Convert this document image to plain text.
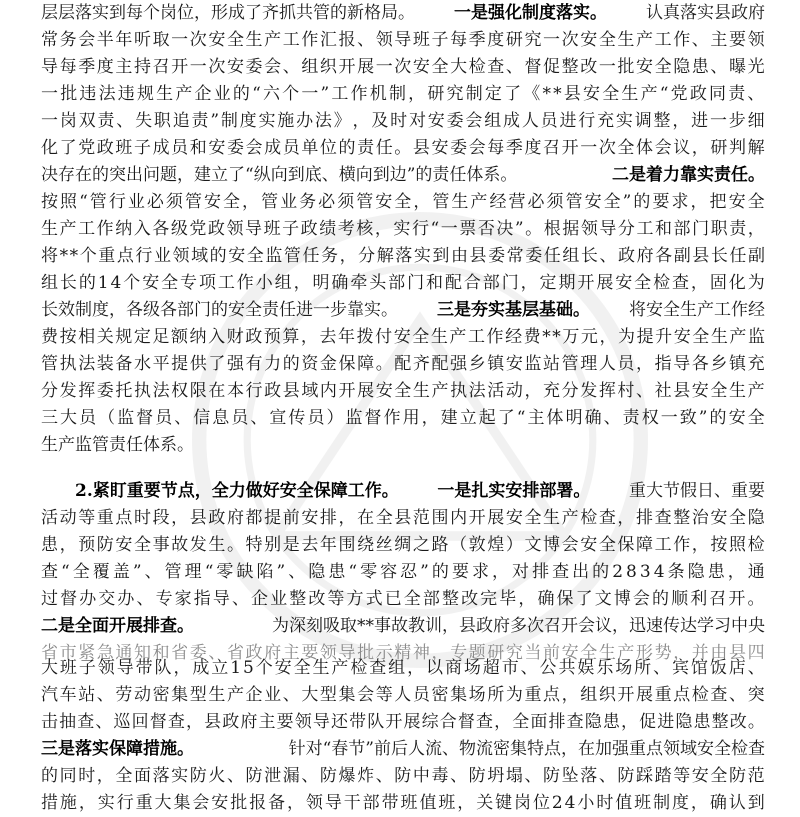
层层落实到每个岗位，形成了齐抓共管的新格局。 一是强化制度落实。 认真落实县政府
常 务 会 半 年 听 取 一 次 安 全 生 产 工 作 汇 报 、 领 导 班 子 每 季 度 研 究 一 次 安 全 生 产 工 作 、 主 要 领
导 每 季 度 主 持 召 开 一 次 安 委 会 、 组 织 开 展 一 次 安 全 大 检 查 、 督 促 整 改 一 批 安 全 隐 患 、 曝 光
一 批 违 法 违 规 生 产 企 业 的 “ 六 个 一 ” 工 作 机 制 ， 研 究 制 定 了 《 * * 县 安 全 生 产 “ 党 政 同 责 、
一 岗 双 责 、 失 职 追 责 ” 制 度 实 施 办 法 》 ， 及 时 对 安 委 会 组 成 人 员 进 行 充 实 调 整 ， 进 一 步 细
化 了 党 政 班 子 成 员 和 安 委 会 成 员 单 位 的 责 任 。 县 安 委 会 每 季 度 召 开 一 次 全 体 会 议 ， 研 判 解
决存在的突出问题，建立了“纵向到底、横向到边”的责任体系。	二是着力靠实责任。
按 照 “ 管 行 业 必 须 管 安 全 ， 管 业 务 必 须 管 安 全 ， 管 生 产 经 营 必 须 管 安 全 ” 的 要 求 ， 把 安 全
生 产 工 作 纳 入 各 级 党 政 领 导 班 子 政 绩 考 核 ， 实 行 “ 一 票 否 决 ” 。 根 据 领 导 分 工 和 部 门 职 责 ，
将 * * 个 重 点 行 业 领 域 的 安 全 监 管 任 务 ， 分 解 落 实 到 由 县 委 常 委 任 组 长 、 政 府 各 副 县 长 任 副
组 长 的 1 4 个 安 全 专 项 工 作 小 组 ， 明 确 牵 头 部 门 和 配 合 部 门 ， 定 期 开 展 安 全 检 查 ， 固 化 为
长效制度，各级各部门的安全责任进一步靠实。 三是夯实基层基础。 将安全生产工作经
费 按 相 关 规 定 足 额 纳 入 财 政 预 算 ， 去 年 拨 付 安 全 生 产 工 作 经 费 * * 万 元 ， 为 提 升 安 全 生 产 监
管 执 法 装 备 水 平 提 供 了 强 有 力 的 资 金 保 障 。 配 齐 配 强 乡 镇 安 监 站 管 理 人 员 ， 指 导 各 乡 镇 充
分 发 挥 委 托 执 法 权 限 在 本 行 政 县 域 内 开 展 安 全 生 产 执 法 活 动 ， 充 分 发 挥 村 、 社 县 安 全 生 产
三 大 员 （ 监 督 员 、 信 息 员 、 宣 传 员 ） 监 督 作 用 ， 建 立 起 了 “ 主 体 明 确 、 责 权 一 致 ” 的 安 全
生产监管责任体系。
2.紧盯重要节点，全力做好安全保障工作。 一是扎实安排部署。 重大节假日、重要
活 动 等 重 点 时 段 ， 县 政 府 都 提 前 安 排 ， 在 全 县 范 围 内 开 展 安 全 生 产 检 查 ， 排 查 整 治 安 全 隐
患 ， 预 防 安 全 事 故 发 生 。 特 别 是 去 年 围 绕 丝 绸 之 路 （ 敦 煌 ） 文 博 会 安 全 保 障 工 作 ， 按 照 检
查 “ 全 覆 盖 ” 、 管 理 “ 零 缺 陷 ” 、 隐 患 “ 零 容 忍 ” 的 要 求 ， 对 排 查 出 的 2 8 3 4 条 隐 患 ， 通
过 督 办 交 办 、 专 家 指 导 、 企 业 整 改 等 方 式 已 全 部 整 改 完 毕 ， 确 保 了 文 博 会 的 顺 利 召 开 。
二是全面开展排查。	为深刻吸取**事故教训，县政府多次召开会议，迅速传达学习中央
省 市 紧 急 通 知 和 省 委 、 省 政 府 主 要 领 导 批 示 精 神 ， 专 题 研 究 当 前 安 全 生 产 形 势 ， 并 由 县 四
大 班 子 领 导 带 队 ， 成 立 1 5 个 安 全 生 产 检 查 组 ， 以 商 场 超 市 、 公 共 娱 乐 场 所 、 宾 馆 饭 店 、
汽 车 站 、 劳 动 密 集 型 生 产 企 业 、 大 型 集 会 等 人 员 密 集 场 所 为 重 点 ， 组 织 开 展 重 点 检 查 、 突
击 抽 查 、 巡 回 督 查 ， 县 政 府 主 要 领 导 还 带 队 开 展 综 合 督 查 ， 全 面 排 查 隐 患 ， 促 进 隐 患 整 改 。
三是落实保障措施。	针对“春节”前后人流、物流密集特点，在加强重点领域安全检查
的 同 时 ， 全 面 落 实 防 火 、 防 泄 漏 、 防 爆 炸 、 防 中 毒 、 防 坍 塌 、 防 坠 落 、 防 踩 踏 等 安 全 防 范
措 施 ， 实 行 重 大 集 会 安 批 报 备 ， 领 导 干 部 带 班 值 班 ， 关 键 岗 位 2 4 小 时 值 班 制 度 ， 确 认 到
